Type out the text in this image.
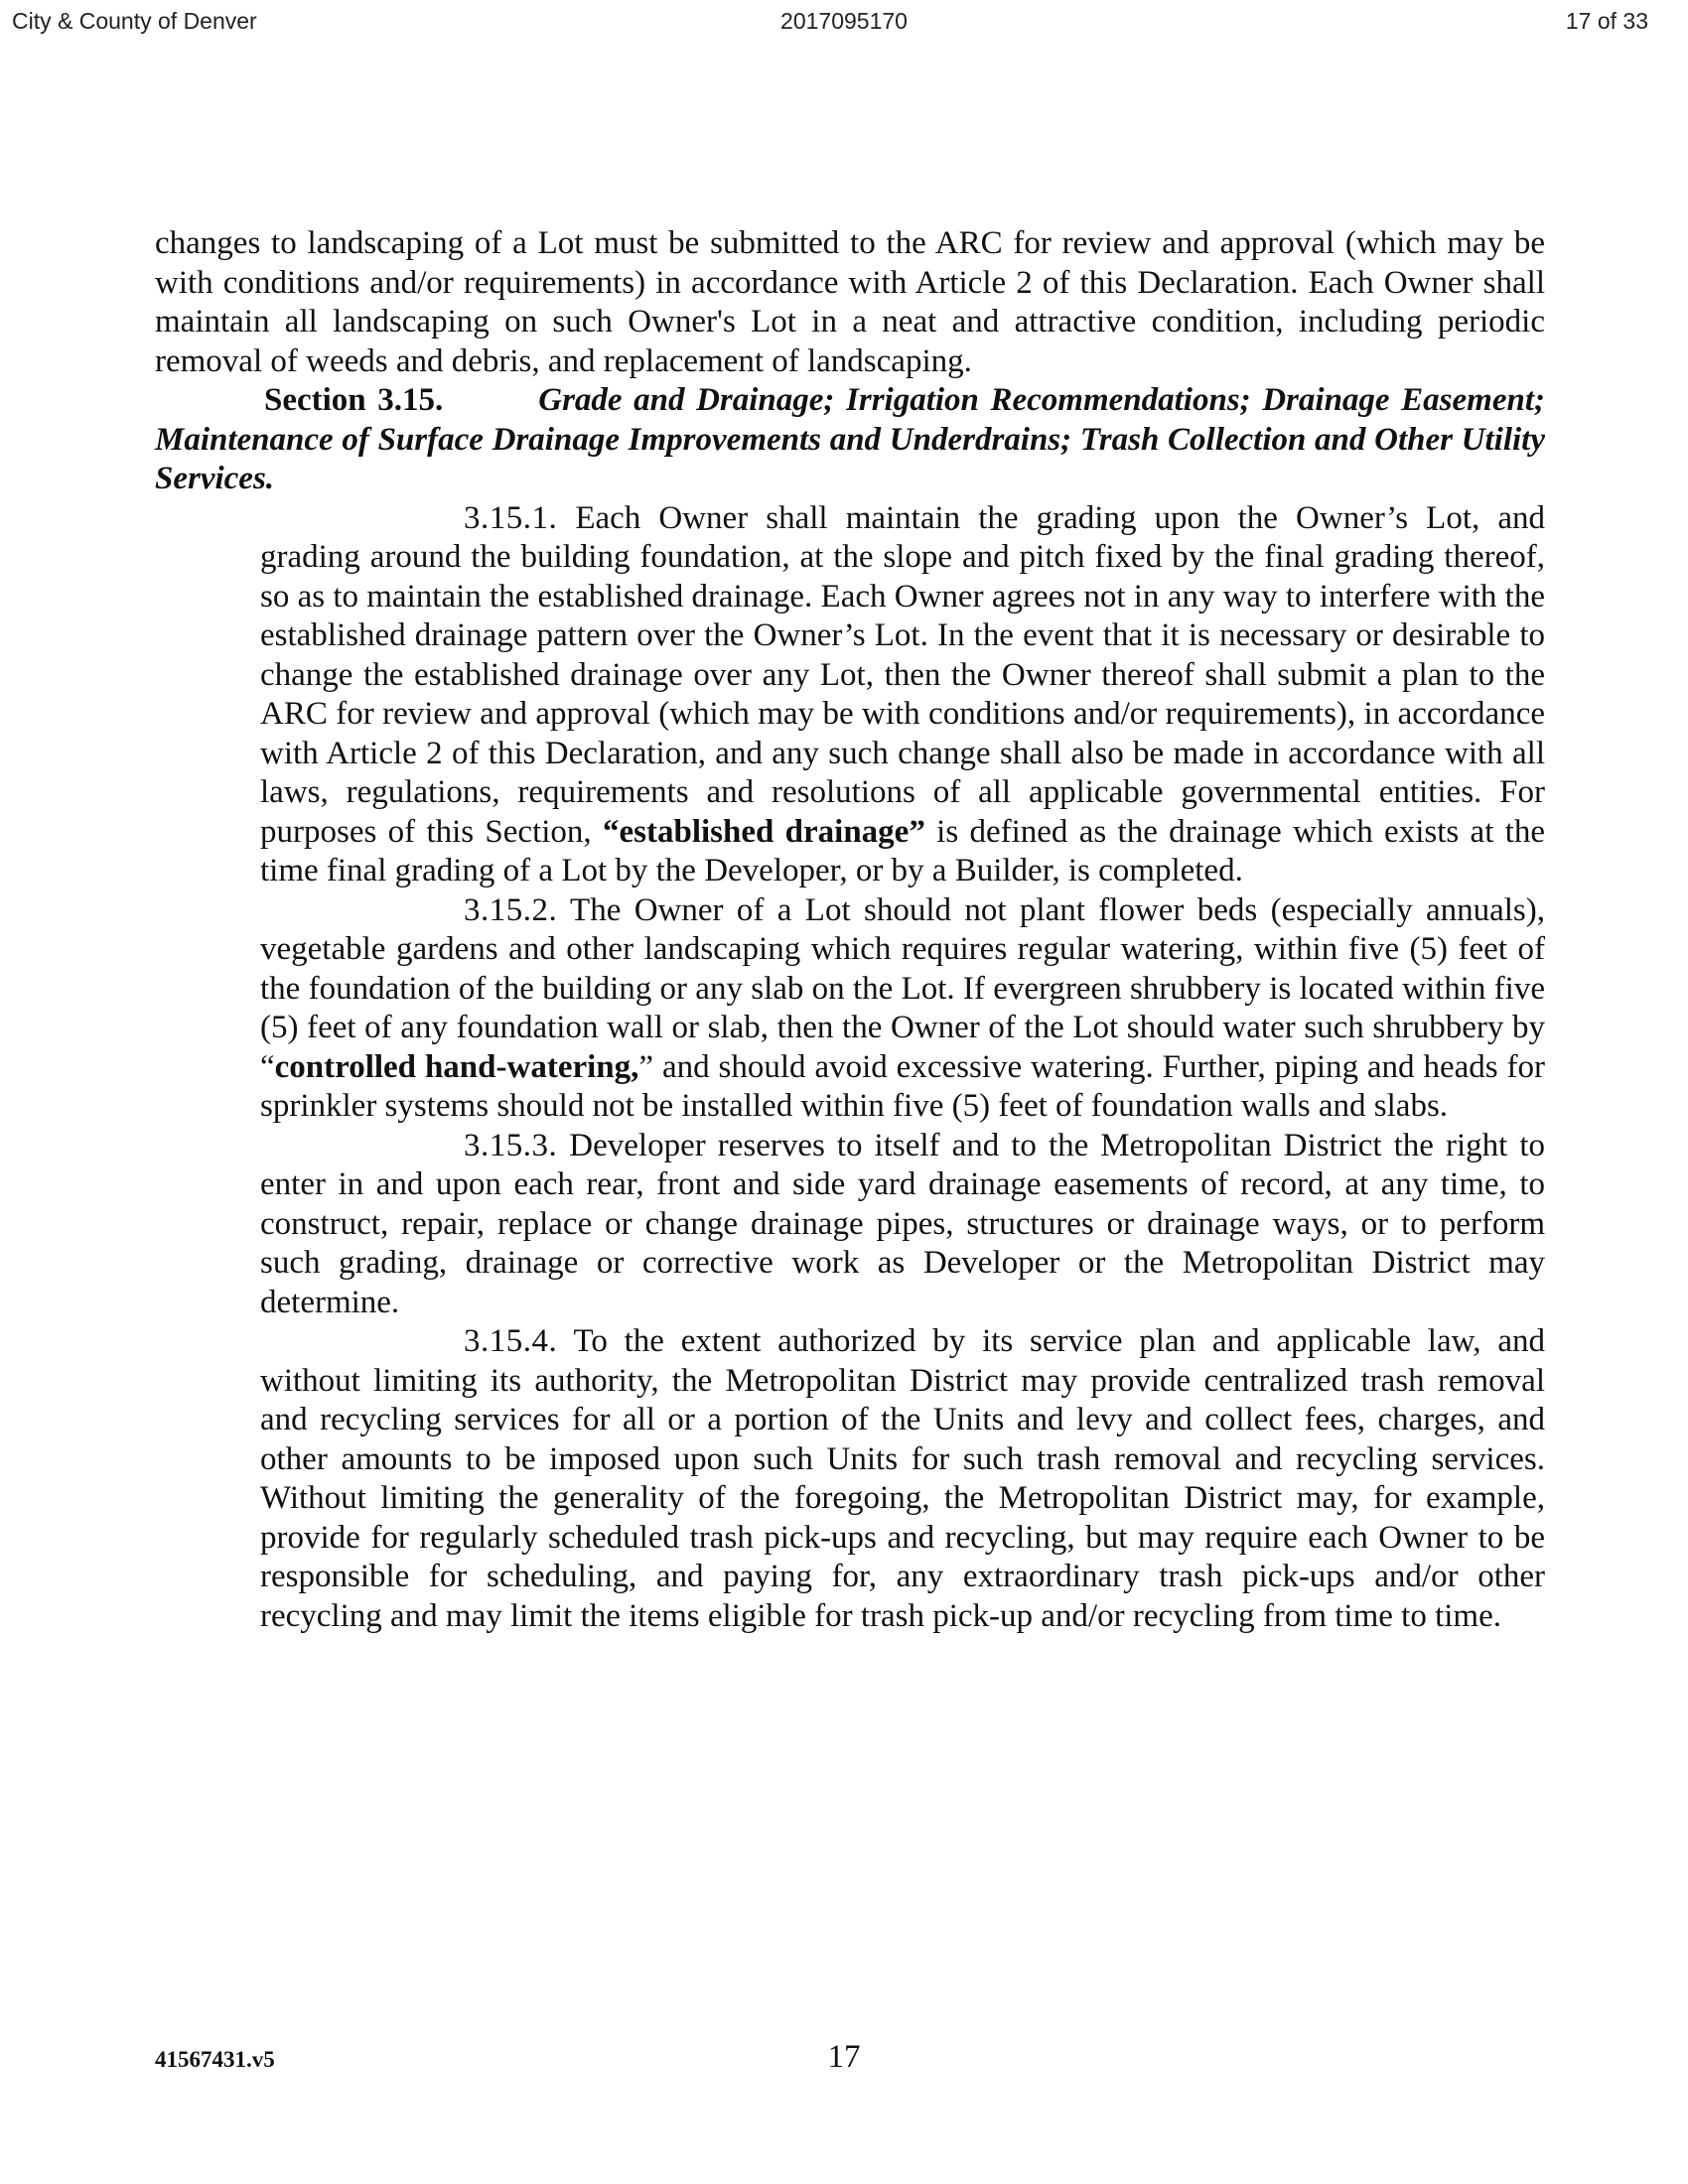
City & County of Denver	2017095170	17 of 33

changes to landscaping of a Lot must be submitted to the ARC for review and approval (which may be with conditions and/or requirements) in accordance with Article 2 of this Declaration. Each Owner shall maintain all landscaping on such Owner's Lot in a neat and attractive condition, including periodic removal of weeds and debris, and replacement of landscaping.

Section 3.15.	Grade and Drainage; Irrigation Recommendations; Drainage Easement; Maintenance of Surface Drainage Improvements and Underdrains; Trash Collection and Other Utility Services.

3.15.1. Each Owner shall maintain the grading upon the Owner’s Lot, and grading around the building foundation, at the slope and pitch fixed by the final grading thereof, so as to maintain the established drainage. Each Owner agrees not in any way to interfere with the established drainage pattern over the Owner’s Lot. In the event that it is necessary or desirable to change the established drainage over any Lot, then the Owner thereof shall submit a plan to the ARC for review and approval (which may be with conditions and/or requirements), in accordance with Article 2 of this Declaration, and any such change shall also be made in accordance with all laws, regulations, requirements and resolutions of all applicable governmental entities. For purposes of this Section, “established drainage” is defined as the drainage which exists at the time final grading of a Lot by the Developer, or by a Builder, is completed.

3.15.2. The Owner of a Lot should not plant flower beds (especially annuals), vegetable gardens and other landscaping which requires regular watering, within five (5) feet of the foundation of the building or any slab on the Lot. If evergreen shrubbery is located within five (5) feet of any foundation wall or slab, then the Owner of the Lot should water such shrubbery by “controlled hand-watering,” and should avoid excessive watering. Further, piping and heads for sprinkler systems should not be installed within five (5) feet of foundation walls and slabs.

3.15.3. Developer reserves to itself and to the Metropolitan District the right to enter in and upon each rear, front and side yard drainage easements of record, at any time, to construct, repair, replace or change drainage pipes, structures or drainage ways, or to perform such grading, drainage or corrective work as Developer or the Metropolitan District may determine.

3.15.4. To the extent authorized by its service plan and applicable law, and without limiting its authority, the Metropolitan District may provide centralized trash removal and recycling services for all or a portion of the Units and levy and collect fees, charges, and other amounts to be imposed upon such Units for such trash removal and recycling services. Without limiting the generality of the foregoing, the Metropolitan District may, for example, provide for regularly scheduled trash pick-ups and recycling, but may require each Owner to be responsible for scheduling, and paying for, any extraordinary trash pick-ups and/or other recycling and may limit the items eligible for trash pick-up and/or recycling from time to time.

41567431.v5	17
